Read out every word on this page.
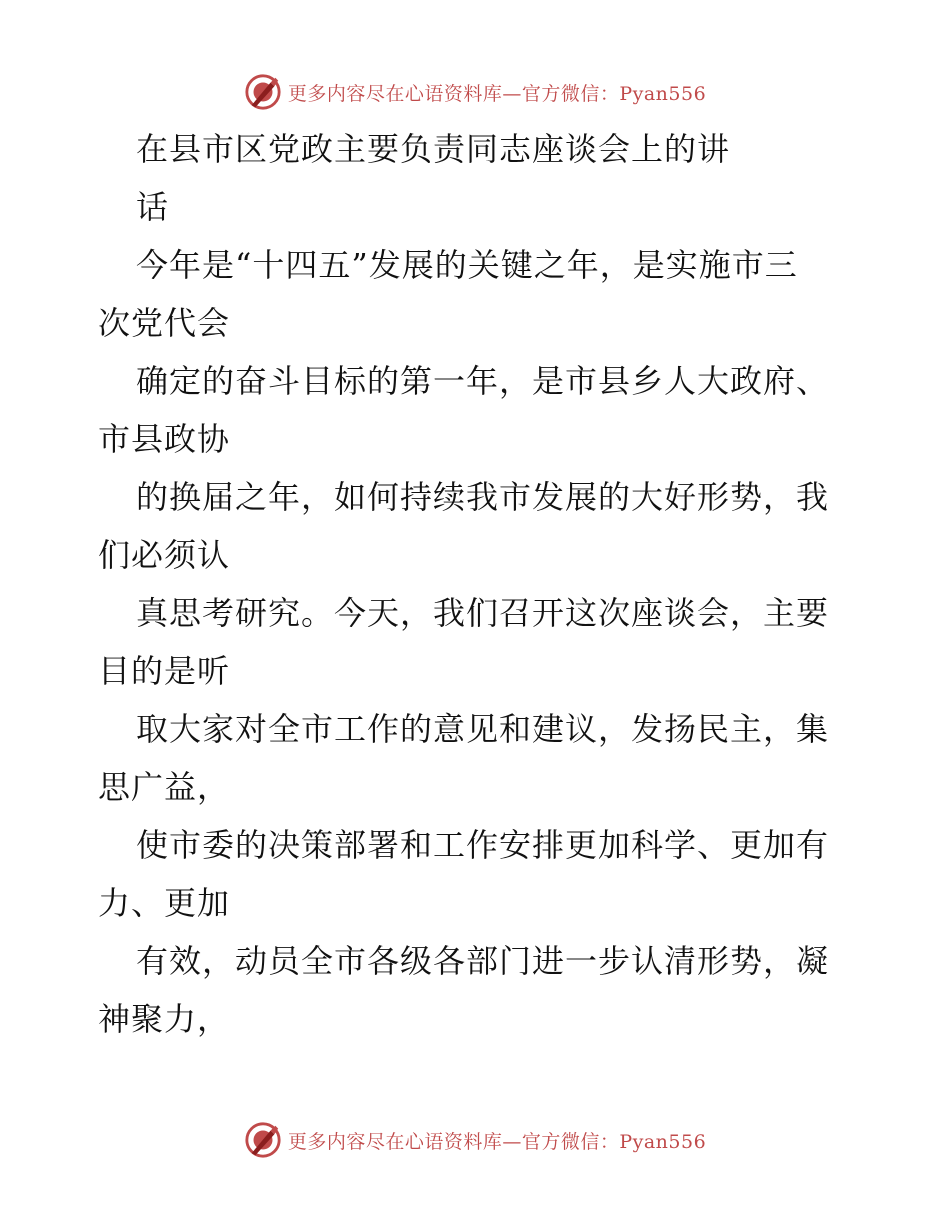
更多内容尽在心语资料库—官方微信：Pyan556
在县市区党政主要负责同志座谈会上的讲
话
今年是“十四五”发展的关键之年，是实施市三
次党代会
确定的奋斗目标的第一年，是市县乡人大政府、
市县政协
的换届之年，如何持续我市发展的大好形势，我
们必须认
真思考研究。今天，我们召开这次座谈会，主要
目的是听
取大家对全市工作的意见和建议，发扬民主，集
思广益，
使市委的决策部署和工作安排更加科学、更加有
力、更加
有效，动员全市各级各部门进一步认清形势，凝
神聚力，
更多内容尽在心语资料库—官方微信：Pyan556
